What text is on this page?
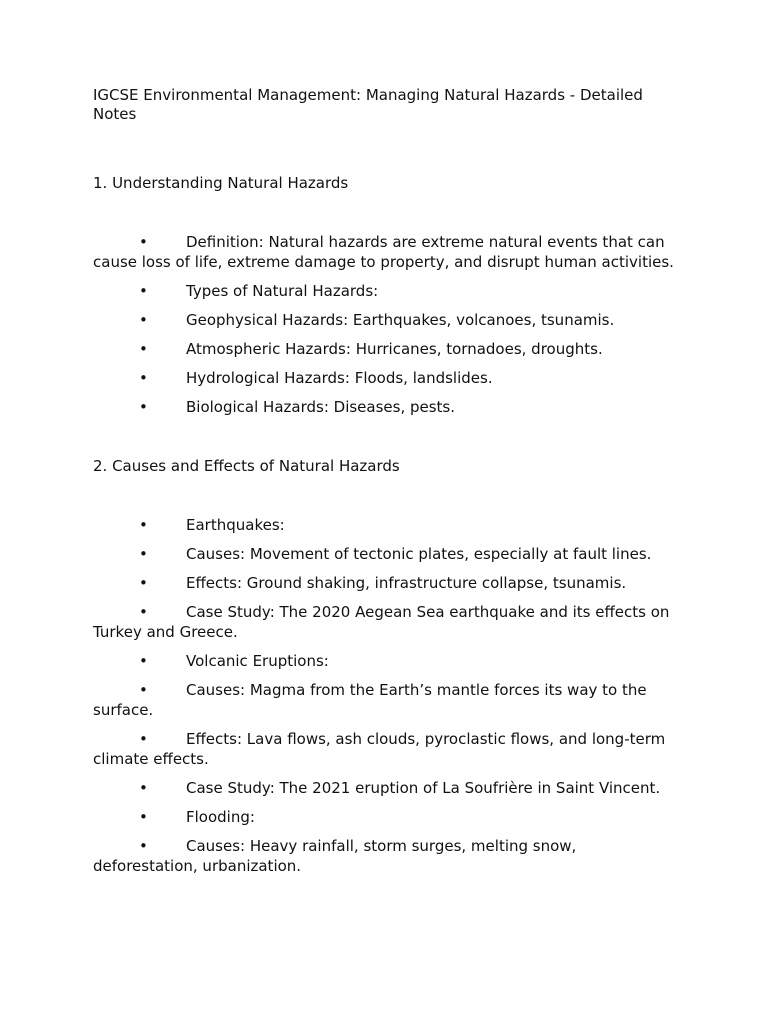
IGCSE Environmental Management: Managing Natural Hazards - Detailed Notes
1. Understanding Natural Hazards
•	Definition: Natural hazards are extreme natural events that can cause loss of life, extreme damage to property, and disrupt human activities.
•	Types of Natural Hazards:
•	Geophysical Hazards: Earthquakes, volcanoes, tsunamis.
•	Atmospheric Hazards: Hurricanes, tornadoes, droughts.
•	Hydrological Hazards: Floods, landslides.
•	Biological Hazards: Diseases, pests.
2. Causes and Effects of Natural Hazards
•	Earthquakes:
•	Causes: Movement of tectonic plates, especially at fault lines.
•	Effects: Ground shaking, infrastructure collapse, tsunamis.
•	Case Study: The 2020 Aegean Sea earthquake and its effects on Turkey and Greece.
•	Volcanic Eruptions:
•	Causes: Magma from the Earth’s mantle forces its way to the surface.
•	Effects: Lava flows, ash clouds, pyroclastic flows, and long-term climate effects.
•	Case Study: The 2021 eruption of La Soufrière in Saint Vincent.
•	Flooding:
•	Causes: Heavy rainfall, storm surges, melting snow, deforestation, urbanization.
